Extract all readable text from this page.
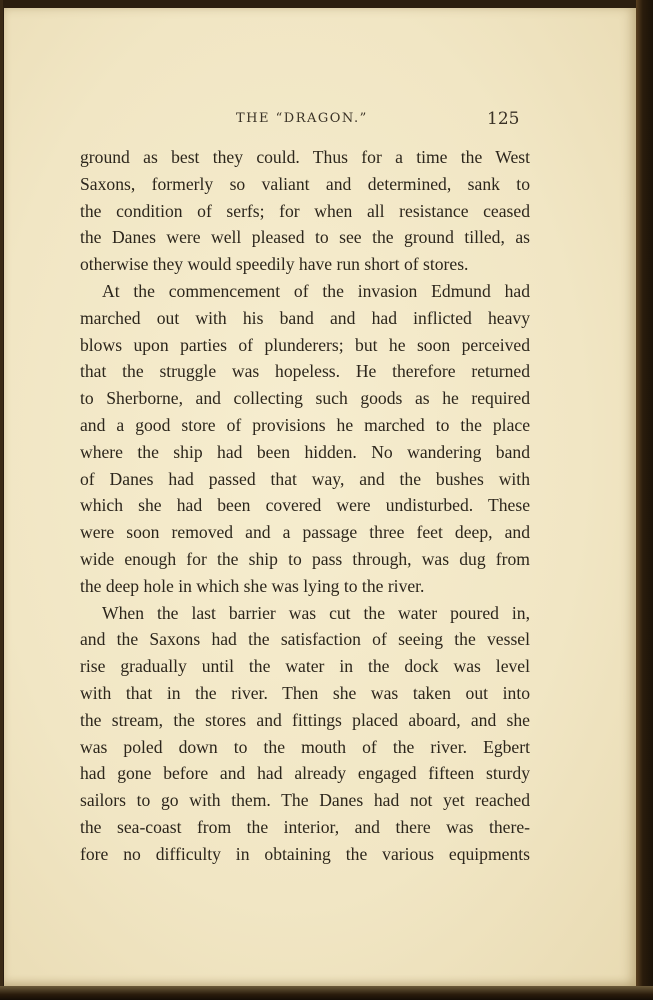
THE “DRAGON.”	125
ground as best they could. Thus for a time the West
Saxons, formerly so valiant and determined, sank to
the condition of serfs; for when all resistance ceased
the Danes were well pleased to see the ground tilled, as
otherwise they would speedily have run short of stores.
At the commencement of the invasion Edmund had
marched out with his band and had inflicted heavy
blows upon parties of plunderers; but he soon perceived
that the struggle was hopeless. He therefore returned
to Sherborne, and collecting such goods as he required
and a good store of provisions he marched to the place
where the ship had been hidden. No wandering band
of Danes had passed that way, and the bushes with
which she had been covered were undisturbed. These
were soon removed and a passage three feet deep, and
wide enough for the ship to pass through, was dug from
the deep hole in which she was lying to the river.
When the last barrier was cut the water poured in,
and the Saxons had the satisfaction of seeing the vessel
rise gradually until the water in the dock was level
with that in the river. Then she was taken out into
the stream, the stores and fittings placed aboard, and she
was poled down to the mouth of the river. Egbert
had gone before and had already engaged fifteen sturdy
sailors to go with them. The Danes had not yet reached
the sea-coast from the interior, and there was there-
fore no difficulty in obtaining the various equipments
